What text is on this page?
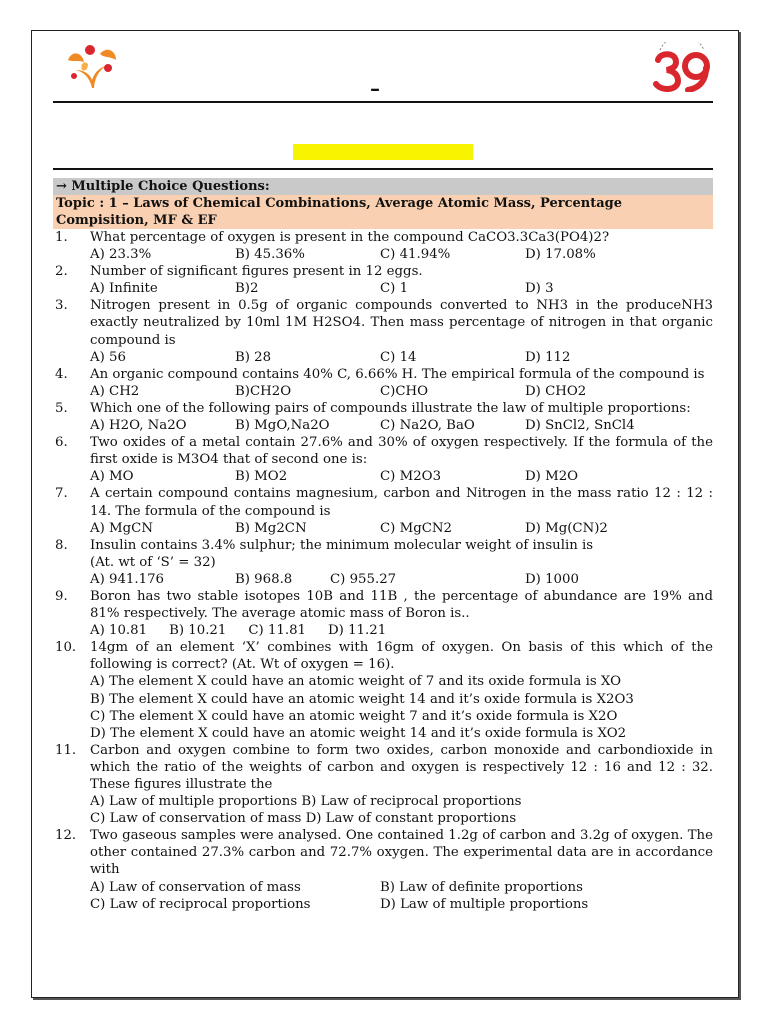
–
→ Multiple Choice Questions:
Topic : 1 – Laws of Chemical Combinations, Average Atomic Mass, Percentage Compisition, MF & EF
1. What percentage of oxygen is present in the compound CaCO3.3Ca3(PO4)2?
A) 23.3%	B) 45.36%	C) 41.94%	D) 17.08%
2. Number of significant figures present in 12 eggs.
A) Infinite	B)2	C) 1	D) 3
3. Nitrogen present in 0.5g of organic compounds converted to NH3 in the produceNH3 exactly neutralized by 10ml 1M H2SO4. Then mass percentage of nitrogen in that organic compound is
A) 56	B) 28	C) 14	D) 112
4. An organic compound contains 40% C, 6.66% H. The empirical formula of the compound is
A) CH2	B)CH2O	C)CHO	D) CHO2
5. Which one of the following pairs of compounds illustrate the law of multiple proportions:
A) H2O, Na2O	B) MgO,Na2O	C) Na2O, BaO	D) SnCl2, SnCl4
6. Two oxides of a metal contain 27.6% and 30% of oxygen respectively. If the formula of the first oxide is M3O4 that of second one is:
A) MO	B) MO2	C) M2O3	D) M2O
7. A certain compound contains magnesium, carbon and Nitrogen in the mass ratio 12 : 12 : 14. The formula of the compound is
A) MgCN	B) Mg2CN	C) MgCN2	D) Mg(CN)2
8. Insulin contains 3.4% sulphur; the minimum molecular weight of insulin is
(At. wt of ‘S’ = 32)
A) 941.176	B) 968.8	C) 955.27	D) 1000
9. Boron has two stable isotopes 10B and 11B , the percentage of abundance are 19% and 81% respectively. The average atomic mass of Boron is..
A) 10.81 B) 10.21 C) 11.81 D) 11.21
10. 14gm of an element ‘X’ combines with 16gm of oxygen. On basis of this which of the following is correct? (At. Wt of oxygen = 16).
A) The element X could have an atomic weight of 7 and its oxide formula is XO
B) The element X could have an atomic weight 14 and it’s oxide formula is X2O3
C) The element X could have an atomic weight 7 and it’s oxide formula is X2O
D) The element X could have an atomic weight 14 and it’s oxide formula is XO2
11. Carbon and oxygen combine to form two oxides, carbon monoxide and carbondioxide in which the ratio of the weights of carbon and oxygen is respectively 12 : 16 and 12 : 32. These figures illustrate the
A) Law of multiple proportions
B) Law of reciprocal proportions
C) Law of conservation of mass
D) Law of constant proportions
12. Two gaseous samples were analysed. One contained 1.2g of carbon and 3.2g of oxygen. The other contained 27.3% carbon and 72.7% oxygen. The experimental data are in accordance with
A) Law of conservation of mass	B) Law of definite proportions
C) Law of reciprocal proportions	D) Law of multiple proportions
